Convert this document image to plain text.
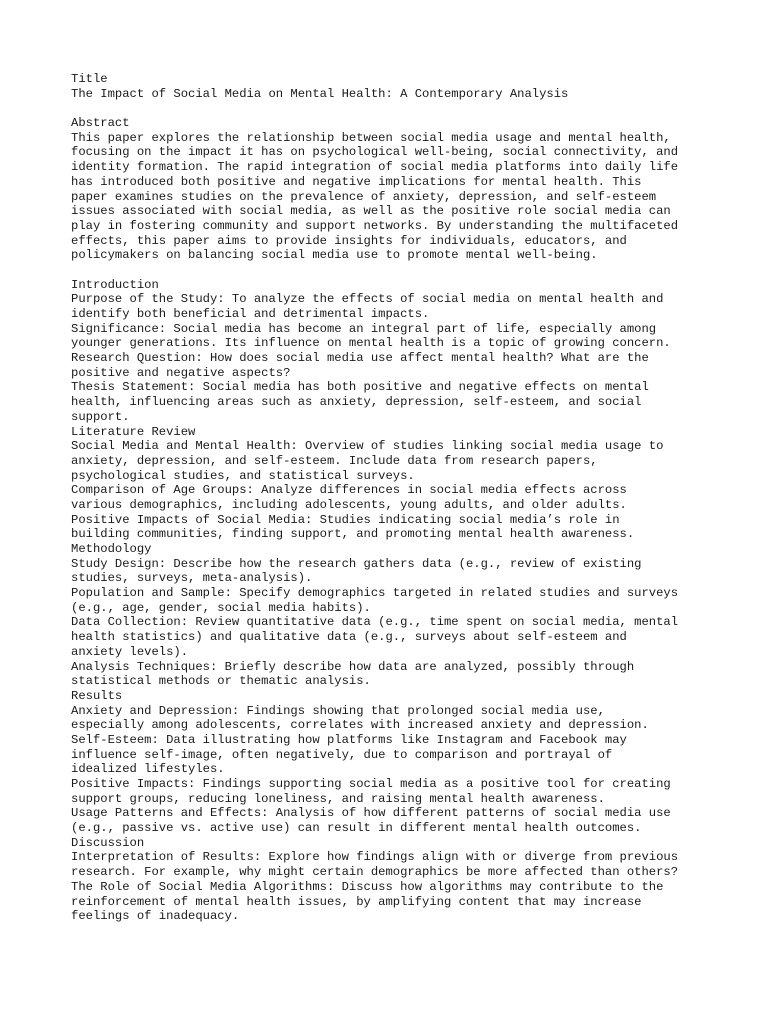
Title
The Impact of Social Media on Mental Health: A Contemporary Analysis
Abstract
This paper explores the relationship between social media usage and mental health,
focusing on the impact it has on psychological well-being, social connectivity, and
identity formation. The rapid integration of social media platforms into daily life
has introduced both positive and negative implications for mental health. This
paper examines studies on the prevalence of anxiety, depression, and self-esteem
issues associated with social media, as well as the positive role social media can
play in fostering community and support networks. By understanding the multifaceted
effects, this paper aims to provide insights for individuals, educators, and
policymakers on balancing social media use to promote mental well-being.
Introduction
Purpose of the Study: To analyze the effects of social media on mental health and
identify both beneficial and detrimental impacts.
Significance: Social media has become an integral part of life, especially among
younger generations. Its influence on mental health is a topic of growing concern.
Research Question: How does social media use affect mental health? What are the
positive and negative aspects?
Thesis Statement: Social media has both positive and negative effects on mental
health, influencing areas such as anxiety, depression, self-esteem, and social
support.
Literature Review
Social Media and Mental Health: Overview of studies linking social media usage to
anxiety, depression, and self-esteem. Include data from research papers,
psychological studies, and statistical surveys.
Comparison of Age Groups: Analyze differences in social media effects across
various demographics, including adolescents, young adults, and older adults.
Positive Impacts of Social Media: Studies indicating social media’s role in
building communities, finding support, and promoting mental health awareness.
Methodology
Study Design: Describe how the research gathers data (e.g., review of existing
studies, surveys, meta-analysis).
Population and Sample: Specify demographics targeted in related studies and surveys
(e.g., age, gender, social media habits).
Data Collection: Review quantitative data (e.g., time spent on social media, mental
health statistics) and qualitative data (e.g., surveys about self-esteem and
anxiety levels).
Analysis Techniques: Briefly describe how data are analyzed, possibly through
statistical methods or thematic analysis.
Results
Anxiety and Depression: Findings showing that prolonged social media use,
especially among adolescents, correlates with increased anxiety and depression.
Self-Esteem: Data illustrating how platforms like Instagram and Facebook may
influence self-image, often negatively, due to comparison and portrayal of
idealized lifestyles.
Positive Impacts: Findings supporting social media as a positive tool for creating
support groups, reducing loneliness, and raising mental health awareness.
Usage Patterns and Effects: Analysis of how different patterns of social media use
(e.g., passive vs. active use) can result in different mental health outcomes.
Discussion
Interpretation of Results: Explore how findings align with or diverge from previous
research. For example, why might certain demographics be more affected than others?
The Role of Social Media Algorithms: Discuss how algorithms may contribute to the
reinforcement of mental health issues, by amplifying content that may increase
feelings of inadequacy.
